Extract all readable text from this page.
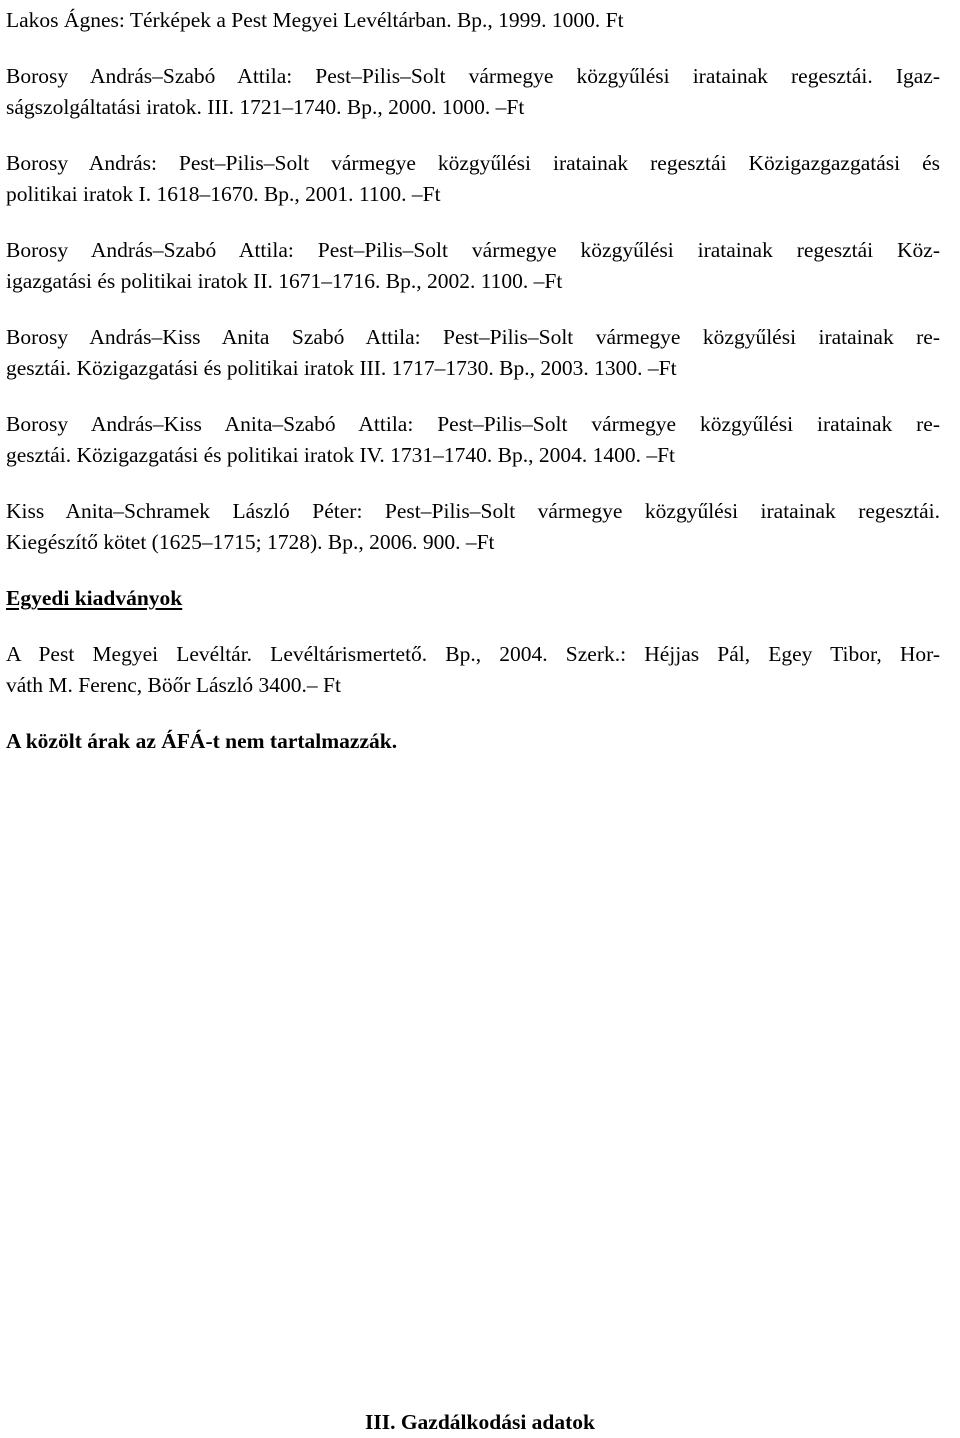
Lakos Ágnes: Térképek a Pest Megyei Levéltárban. Bp., 1999. 1000. Ft
Borosy András–Szabó Attila: Pest–Pilis–Solt vármegye közgyűlési iratainak regesztái. Igaz-
ságszolgáltatási iratok. III. 1721–1740. Bp., 2000. 1000. –Ft
Borosy András: Pest–Pilis–Solt vármegye közgyűlési iratainak regesztái Közigazgazgatási és
politikai iratok I. 1618–1670. Bp., 2001. 1100. –Ft
Borosy András–Szabó Attila: Pest–Pilis–Solt vármegye közgyűlési iratainak regesztái Köz-
igazgatási és politikai iratok II. 1671–1716. Bp., 2002. 1100. –Ft
Borosy András–Kiss Anita Szabó Attila: Pest–Pilis–Solt vármegye közgyűlési iratainak re-
gesztái. Közigazgatási és politikai iratok III. 1717–1730. Bp., 2003. 1300. –Ft
Borosy András–Kiss Anita–Szabó Attila: Pest–Pilis–Solt vármegye közgyűlési iratainak re-
gesztái. Közigazgatási és politikai iratok IV. 1731–1740. Bp., 2004. 1400. –Ft
Kiss Anita–Schramek László Péter: Pest–Pilis–Solt vármegye közgyűlési iratainak regesztái.
Kiegészítő kötet (1625–1715; 1728). Bp., 2006. 900. –Ft
Egyedi kiadványok
A Pest Megyei Levéltár. Levéltárismertető. Bp., 2004. Szerk.: Héjjas Pál, Egey Tibor, Hor-
váth M. Ferenc, Böőr László 3400.– Ft
A közölt árak az ÁFÁ-t nem tartalmazzák.
III. Gazdálkodási adatok
